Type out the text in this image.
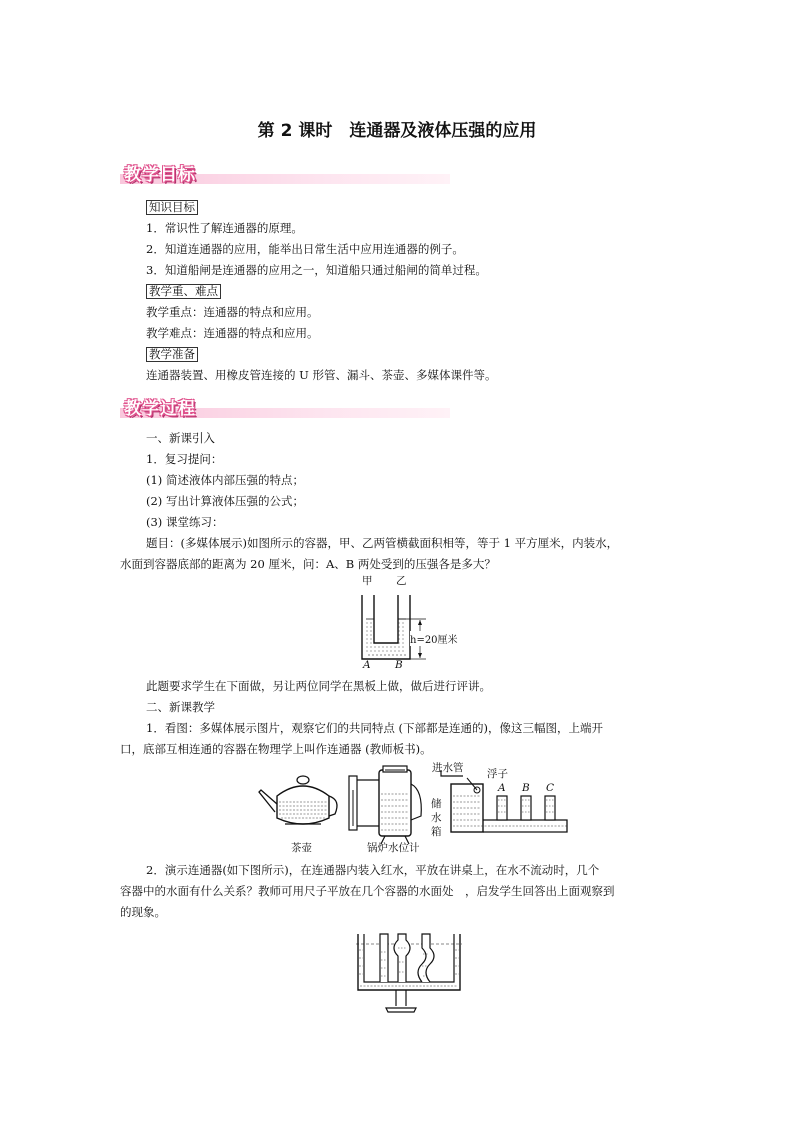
第 2 课时　连通器及液体压强的应用
教学目标
知识目标
1．常识性了解连通器的原理。
2．知道连通器的应用，能举出日常生活中应用连通器的例子。
3．知道船闸是连通器的应用之一，知道船只通过船闸的简单过程。
教学重、难点
教学重点：连通器的特点和应用。
教学难点：连通器的特点和应用。
教学准备
连通器装置、用橡皮管连接的 U 形管、漏斗、茶壶、多媒体课件等。
教学过程
一、新课引入
1．复习提问：
(1) 简述液体内部压强的特点；
(2) 写出计算液体压强的公式；
(3) 课堂练习：
题目：(多媒体展示)如图所示的容器，甲、乙两管横截面积相等，等于 1 平方厘米，内装水，
水面到容器底部的距离为 20 厘米，问：A、B 两处受到的压强各是多大？
甲 乙
h=20厘米
A B
此题要求学生在下面做，另让两位同学在黑板上做，做后进行评讲。
二、新课教学
1．看图：多媒体展示图片，观察它们的共同特点 (下部都是连通的)，像这三幅图，上端开
口，底部互相连通的容器在物理学上叫作连通器 (教师板书)。
茶壶	锅炉水位计
进水管 浮子
储
水
箱
A B C
2．演示连通器(如下图所示)，在连通器内装入红水，平放在讲桌上，在水不流动时，几个
容器中的水面有什么关系？教师可用尺子平放在几个容器的水面处　，启发学生回答出上面观察到
的现象。
